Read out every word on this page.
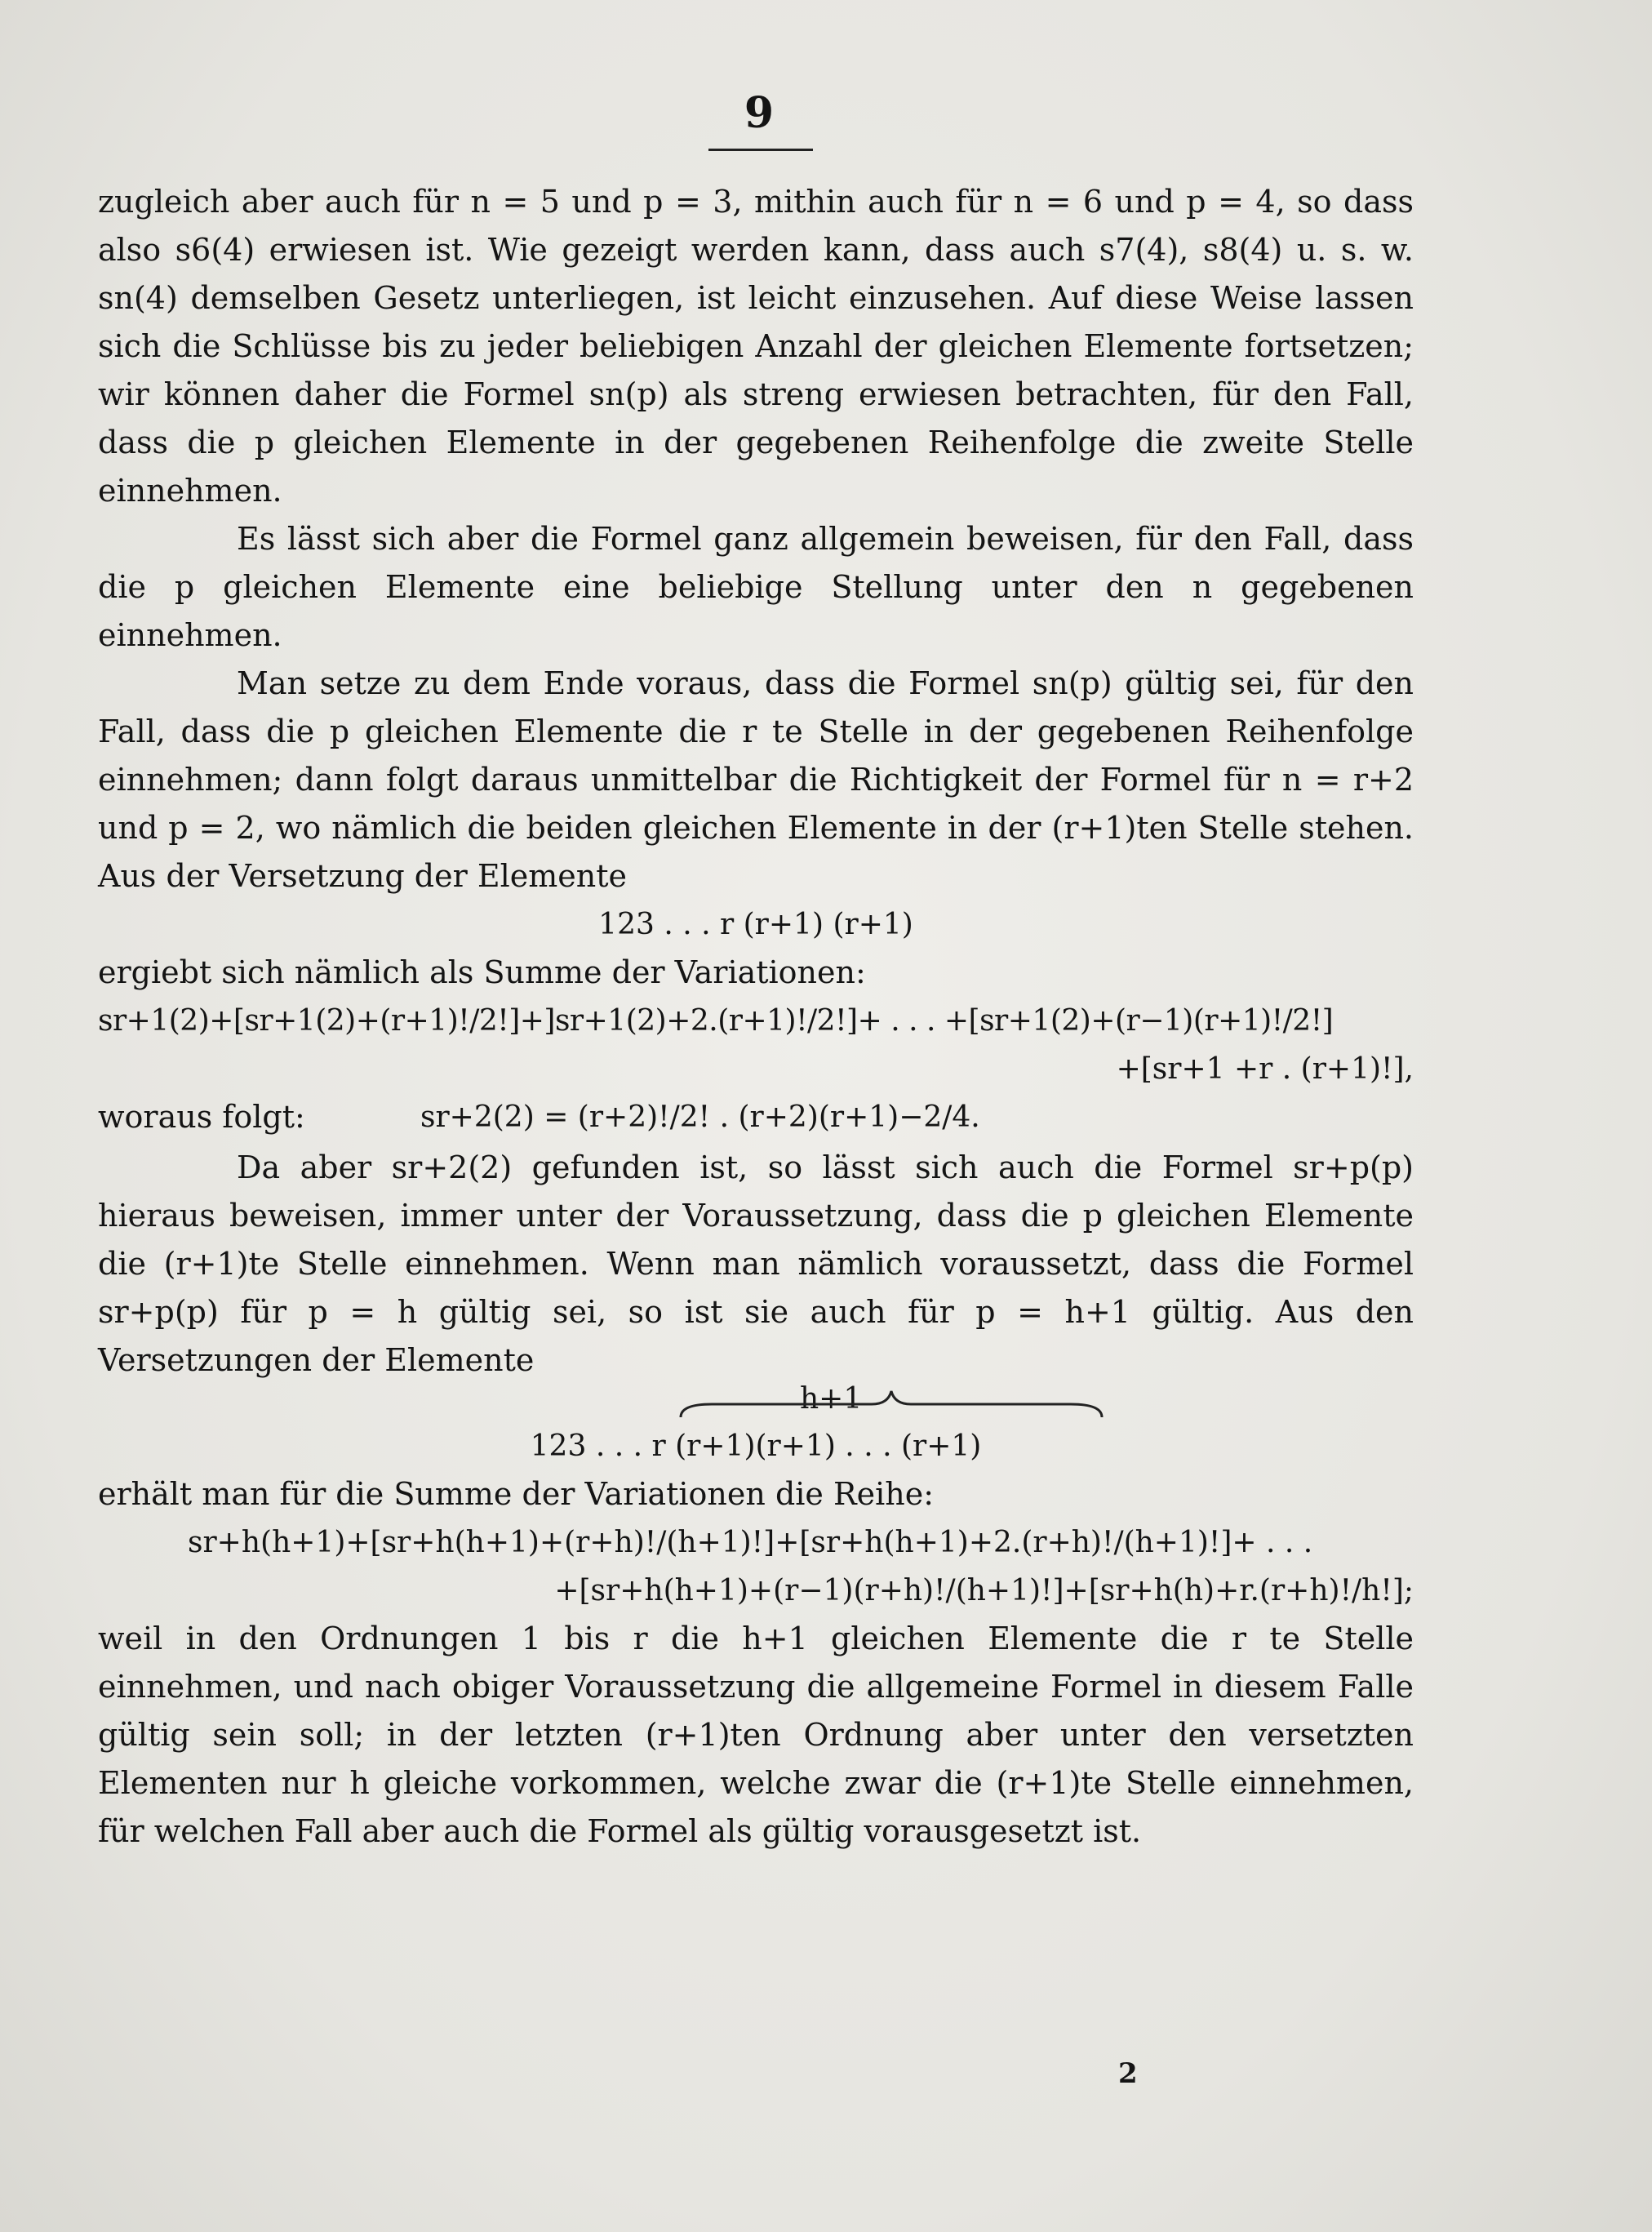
9

zugleich aber auch für n = 5 und p = 3, mithin auch für n = 6 und p = 4, so dass also s6(4) erwiesen ist. Wie gezeigt werden kann, dass auch s7(4), s8(4) u. s. w. sn(4) demselben Gesetz unterliegen, ist leicht einzusehen. Auf diese Weise lassen sich die Schlüsse bis zu jeder beliebigen Anzahl der gleichen Elemente fortsetzen; wir können daher die Formel sn(p) als streng erwiesen betrachten, für den Fall, dass die p gleichen Elemente in der gegebenen Reihenfolge die zweite Stelle einnehmen.

Es lässt sich aber die Formel ganz allgemein beweisen, für den Fall, dass die p gleichen Elemente eine beliebige Stellung unter den n gegebenen einnehmen.

Man setze zu dem Ende voraus, dass die Formel sn(p) gültig sei, für den Fall, dass die p gleichen Elemente die r te Stelle in der gegebenen Reihenfolge einnehmen; dann folgt daraus unmittelbar die Richtigkeit der Formel für n = r+2 und p = 2, wo nämlich die beiden gleichen Elemente in der (r+1)ten Stelle stehen. Aus der Versetzung der Elemente

123 . . . r (r+1) (r+1)

ergiebt sich nämlich als Summe der Variationen:

sr+1(2)+[sr+1(2)+(r+1)!/2!]+]sr+1(2)+2.(r+1)!/2!]+ . . . +[sr+1(2)+(r−1)(r+1)!/2!]

+[sr+1 +r . (r+1)!],

woraus folgt:	sr+2(2) = (r+2)!/2! . (r+2)(r+1)−2/4.

Da aber sr+2(2) gefunden ist, so lässt sich auch die Formel sr+p(p) hieraus beweisen, immer unter der Voraussetzung, dass die p gleichen Elemente die (r+1)te Stelle einnehmen. Wenn man nämlich voraussetzt, dass die Formel sr+p(p) für p = h gültig sei, so ist sie auch für p = h+1 gültig. Aus den Versetzungen der Elemente

h+1

123 . . . r (r+1)(r+1) . . . (r+1)

erhält man für die Summe der Variationen die Reihe:

sr+h(h+1)+[sr+h(h+1)+(r+h)!/(h+1)!]+[sr+h(h+1)+2.(r+h)!/(h+1)!]+ . . .

+[sr+h(h+1)+(r−1)(r+h)!/(h+1)!]+[sr+h(h)+r.(r+h)!/h!];

weil in den Ordnungen 1 bis r die h+1 gleichen Elemente die r te Stelle einnehmen, und nach obiger Voraussetzung die allgemeine Formel in diesem Falle gültig sein soll; in der letzten (r+1)ten Ordnung aber unter den versetzten Elementen nur h gleiche vorkommen, welche zwar die (r+1)te Stelle einnehmen, für welchen Fall aber auch die Formel als gültig vorausgesetzt ist.

2
